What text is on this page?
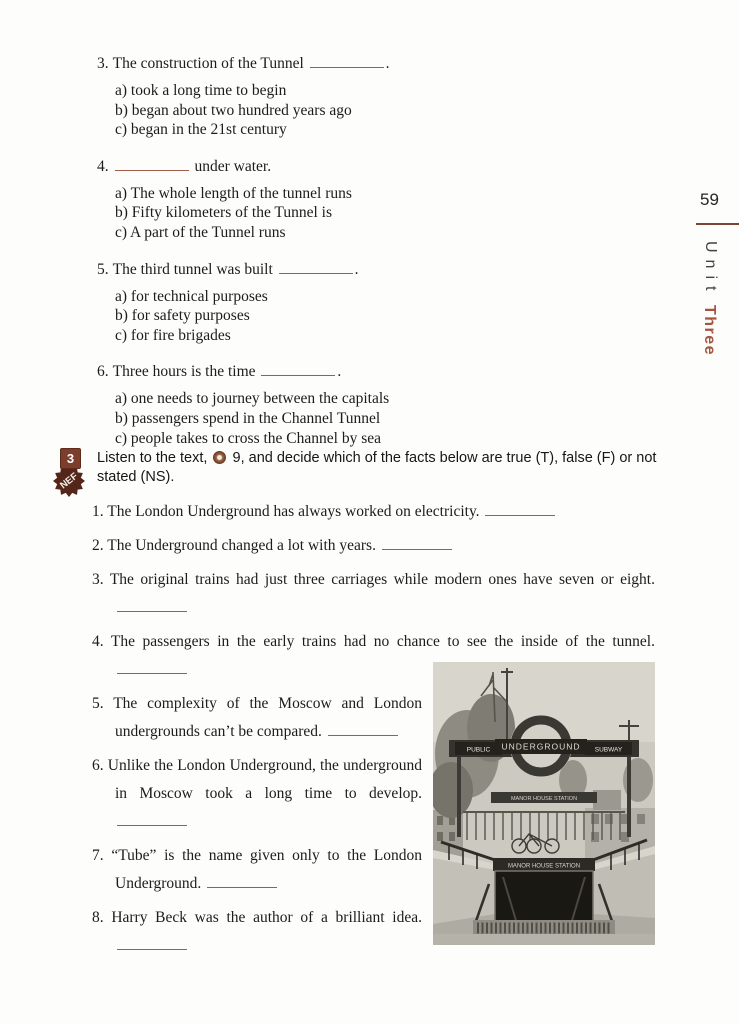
3. The construction of the Tunnel	.
a) took a long time to begin
b) began about two hundred years ago
c) began in the 21st century
4.	under water.
a) The whole length of the tunnel runs
b) Fifty kilometers of the Tunnel is
c) A part of the Tunnel runs
5. The third tunnel was built	.
a) for technical purposes
b) for safety purposes
c) for fire brigades
6. Three hours is the time	.
a) one needs to journey between the capitals
b) passengers spend in the Channel Tunnel
c) people takes to cross the Channel by sea
3
NEF
Listen to the text, 9, and decide which of the facts below are true (T), false (F) or not stated (NS).
1. The London Underground has always worked on electricity.
2. The Underground changed a lot with years.
3. The original trains had just three carriages while modern ones have seven or eight.
4. The passengers in the early trains had no chance to see the inside of the tunnel.
5. The complexity of the Moscow and London undergrounds can’t be compared.
6. Unlike the London Underground, the underground in Moscow took a long time to develop.
7. “Tube” is the name given only to the London Underground.
8. Harry Beck was the author of a brilliant idea.
PUBLIC	SUBWAY
UNDERGROUND
MANOR HOUSE STATION
MANOR HOUSE STATION
59
Unit
Three
